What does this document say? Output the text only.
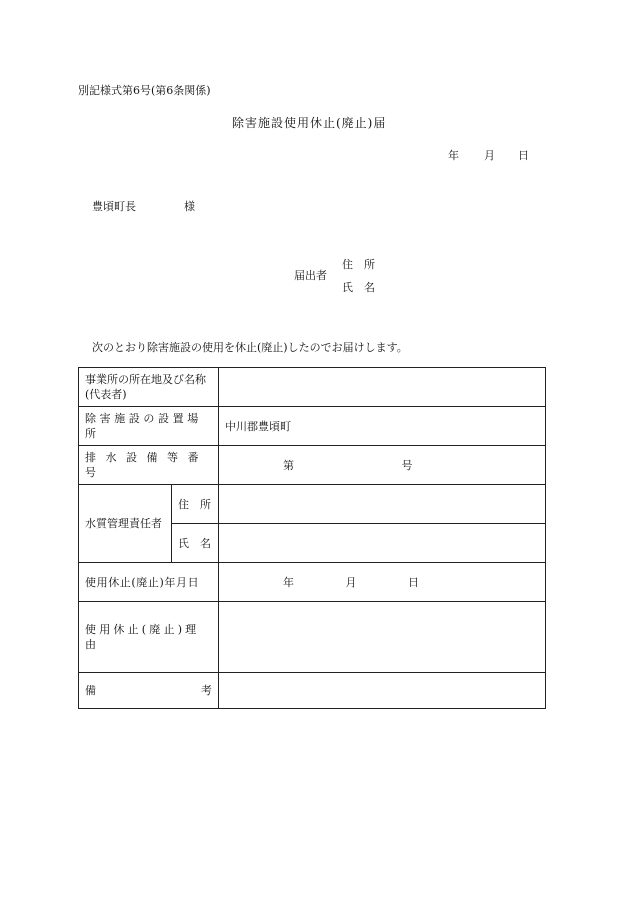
別記様式第6号(第6条関係)
除害施設使用休止(廃止)届
年 月 日
豊頃町長	様
届出者
住　所
氏　名
次のとおり除害施設の使用を休止(廃止)したのでお届けします。
事業所の所在地及び名称
(代表者)		

除害施設の設置場所		中川郡豊頃町
排水設備等番号		第 号
水質管理責任者	住　所	
	氏　名	
使用休止(廃止)年月日		年 月 日
使用休止(廃止)理由		

備 考		
